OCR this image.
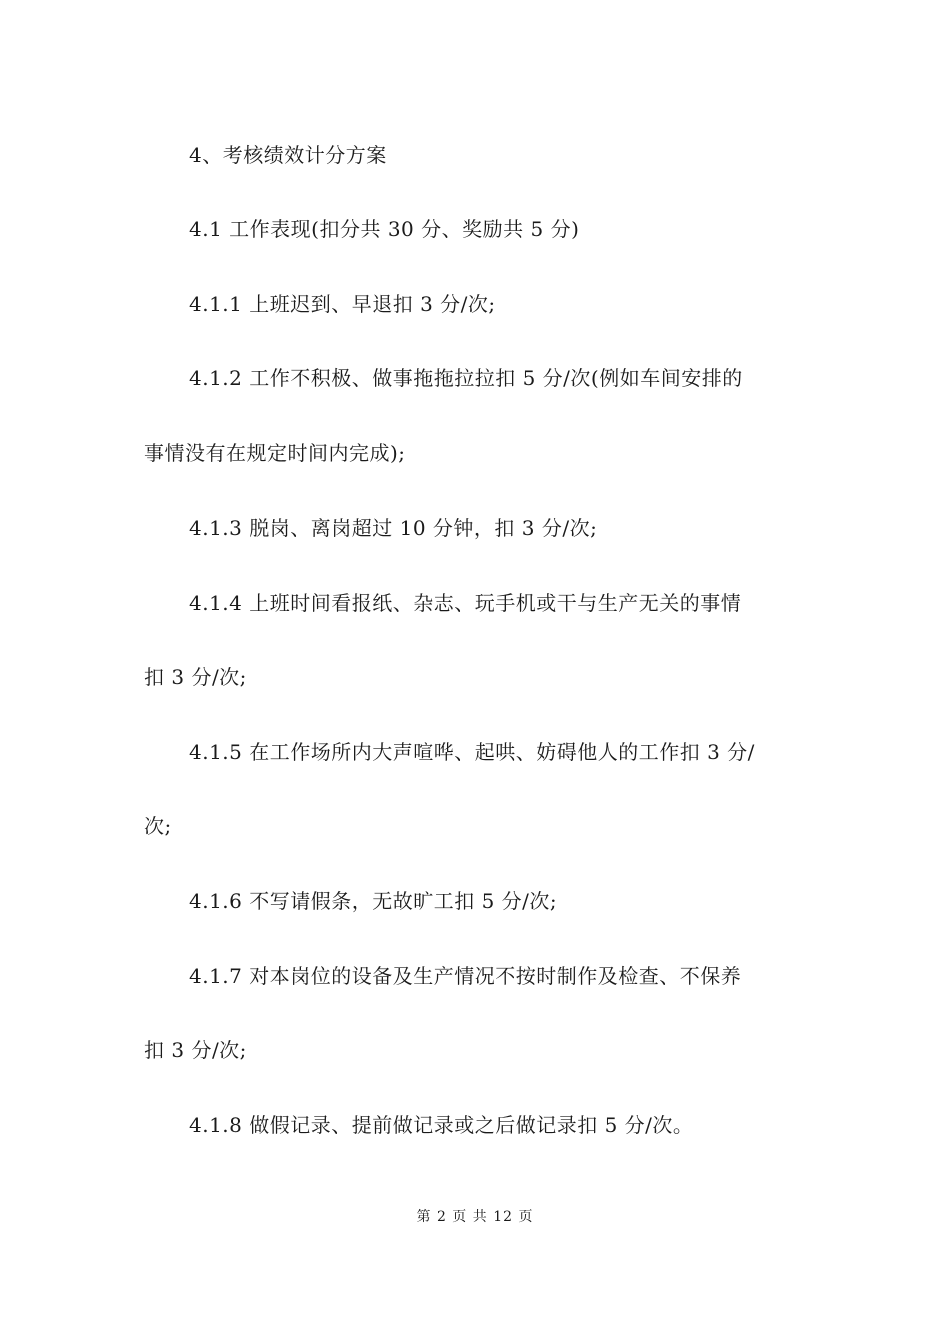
4、考核绩效计分方案
4.1 工作表现(扣分共 30 分、奖励共 5 分)
4.1.1 上班迟到、早退扣 3 分/次;
4.1.2 工作不积极、做事拖拖拉拉扣 5 分/次(例如车间安排的
事情没有在规定时间内完成);
4.1.3 脱岗、离岗超过 10 分钟，扣 3 分/次;
4.1.4 上班时间看报纸、杂志、玩手机或干与生产无关的事情
扣 3 分/次;
4.1.5 在工作场所内大声喧哗、起哄、妨碍他人的工作扣 3 分/
次;
4.1.6 不写请假条，无故旷工扣 5 分/次;
4.1.7 对本岗位的设备及生产情况不按时制作及检查、不保养
扣 3 分/次;
4.1.8 做假记录、提前做记录或之后做记录扣 5 分/次。
第 2 页 共 12 页
